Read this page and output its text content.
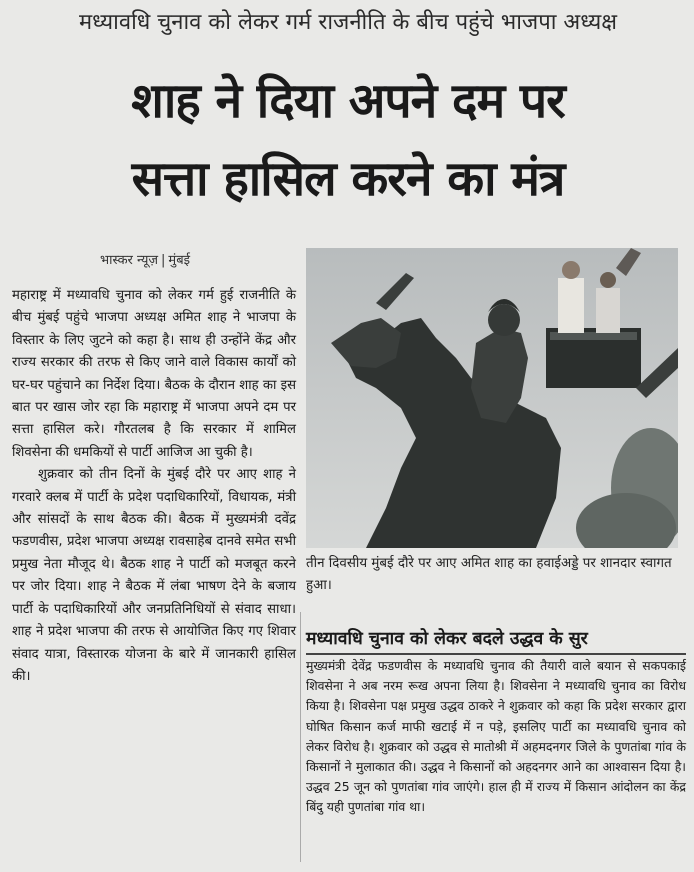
मध्यावधि चुनाव को लेकर गर्म राजनीति के बीच पहुंचे भाजपा अध्यक्ष
शाह ने दिया अपने दम पर
सत्ता हासिल करने का मंत्र
भास्कर न्यूज़ | मुंबई

महाराष्ट्र में मध्यावधि चुनाव को लेकर गर्म हुई राजनीति के बीच मुंबई पहुंचे भाजपा अध्यक्ष अमित शाह ने भाजपा के विस्तार के लिए जुटने को कहा है। साथ ही उन्होंने केंद्र और राज्य सरकार की तरफ से किए जाने वाले विकास कार्यों को घर-घर पहुंचाने का निर्देश दिया। बैठक के दौरान शाह का इस बात पर खास जोर रहा कि महाराष्ट्र में भाजपा अपने दम पर सत्ता हासिल करे। गौरतलब है कि सरकार में शामिल शिवसेना की धमकियों से पार्टी आजिज आ चुकी है।

शुक्रवार को तीन दिनों के मुंबई दौरे पर आए शाह ने गरवारे क्लब में पार्टी के प्रदेश पदाधिकारियों, विधायक, मंत्री और सांसदों के साथ बैठक की। बैठक में मुख्यमंत्री दवेंद्र फडणवीस, प्रदेश भाजपा अध्यक्ष रावसाहेब दानवे समेत सभी प्रमुख नेता मौजूद थे। बैठक शाह ने पार्टी को मजबूत करने पर जोर दिया। शाह ने बैठक में लंबा भाषण देने के बजाय पार्टी के पदाधिकारियों और जनप्रतिनिधियों से संवाद साधा। शाह ने प्रदेश भाजपा की तरफ से आयोजित किए गए शिवार संवाद यात्रा, विस्तारक योजना के बारे में जानकारी हासिल की।

तीन दिवसीय मुंबई दौरे पर आए अमित शाह का हवाईअड्डे पर शानदार स्वागत हुआ।
मध्यावधि चुनाव को लेकर बदले उद्धव के सुर
मुख्यमंत्री देवेंद्र फडणवीस के मध्यावधि चुनाव की तैयारी वाले बयान से सकपकाई शिवसेना ने अब नरम रूख अपना लिया है। शिवसेना ने मध्यावधि चुनाव का विरोध किया है। शिवसेना पक्ष प्रमुख उद्धव ठाकरे ने शुक्रवार को कहा कि प्रदेश सरकार द्वारा घोषित किसान कर्ज माफी खटाई में न पड़े, इसलिए पार्टी का मध्यावधि चुनाव को लेकर विरोध है। शुक्रवार को उद्धव से मातोश्री में अहमदनगर जिले के पुणतांबा गांव के किसानों ने मुलाकात की। उद्धव ने किसानों को अहदनगर आने का आश्वासन दिया है। उद्धव 25 जून को पुणतांबा गांव जाएंगे। हाल ही में राज्य में किसान आंदोलन का केंद्र बिंदु यही पुणतांबा गांव था।
